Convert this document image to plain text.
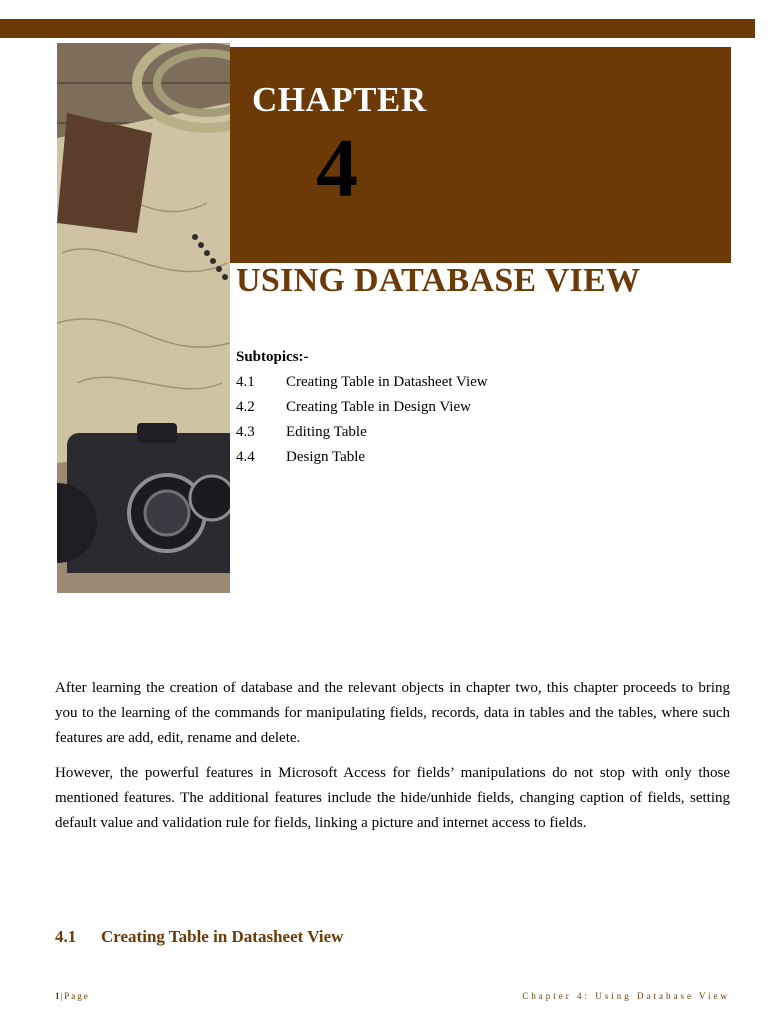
CHAPTER

4

USING DATABASE VIEW

Subtopics:-

4.1 Creating Table in Datasheet View
4.2 Creating Table in Design View
4.3 Editing Table
4.4 Design Table

After learning the creation of database and the relevant objects in chapter two, this chapter proceeds to bring you to the learning of the commands for manipulating fields, records, data in tables and the tables, where such features are add, edit, rename and delete.

However, the powerful features in Microsoft Access for fields’ manipulations do not stop with only those mentioned features. The additional features include the hide/unhide fields, changing caption of fields, setting default value and validation rule for fields, linking a picture and internet access to fields.

4.1 Creating Table in Datasheet View

1|Page	Chapter 4: Using Database View
